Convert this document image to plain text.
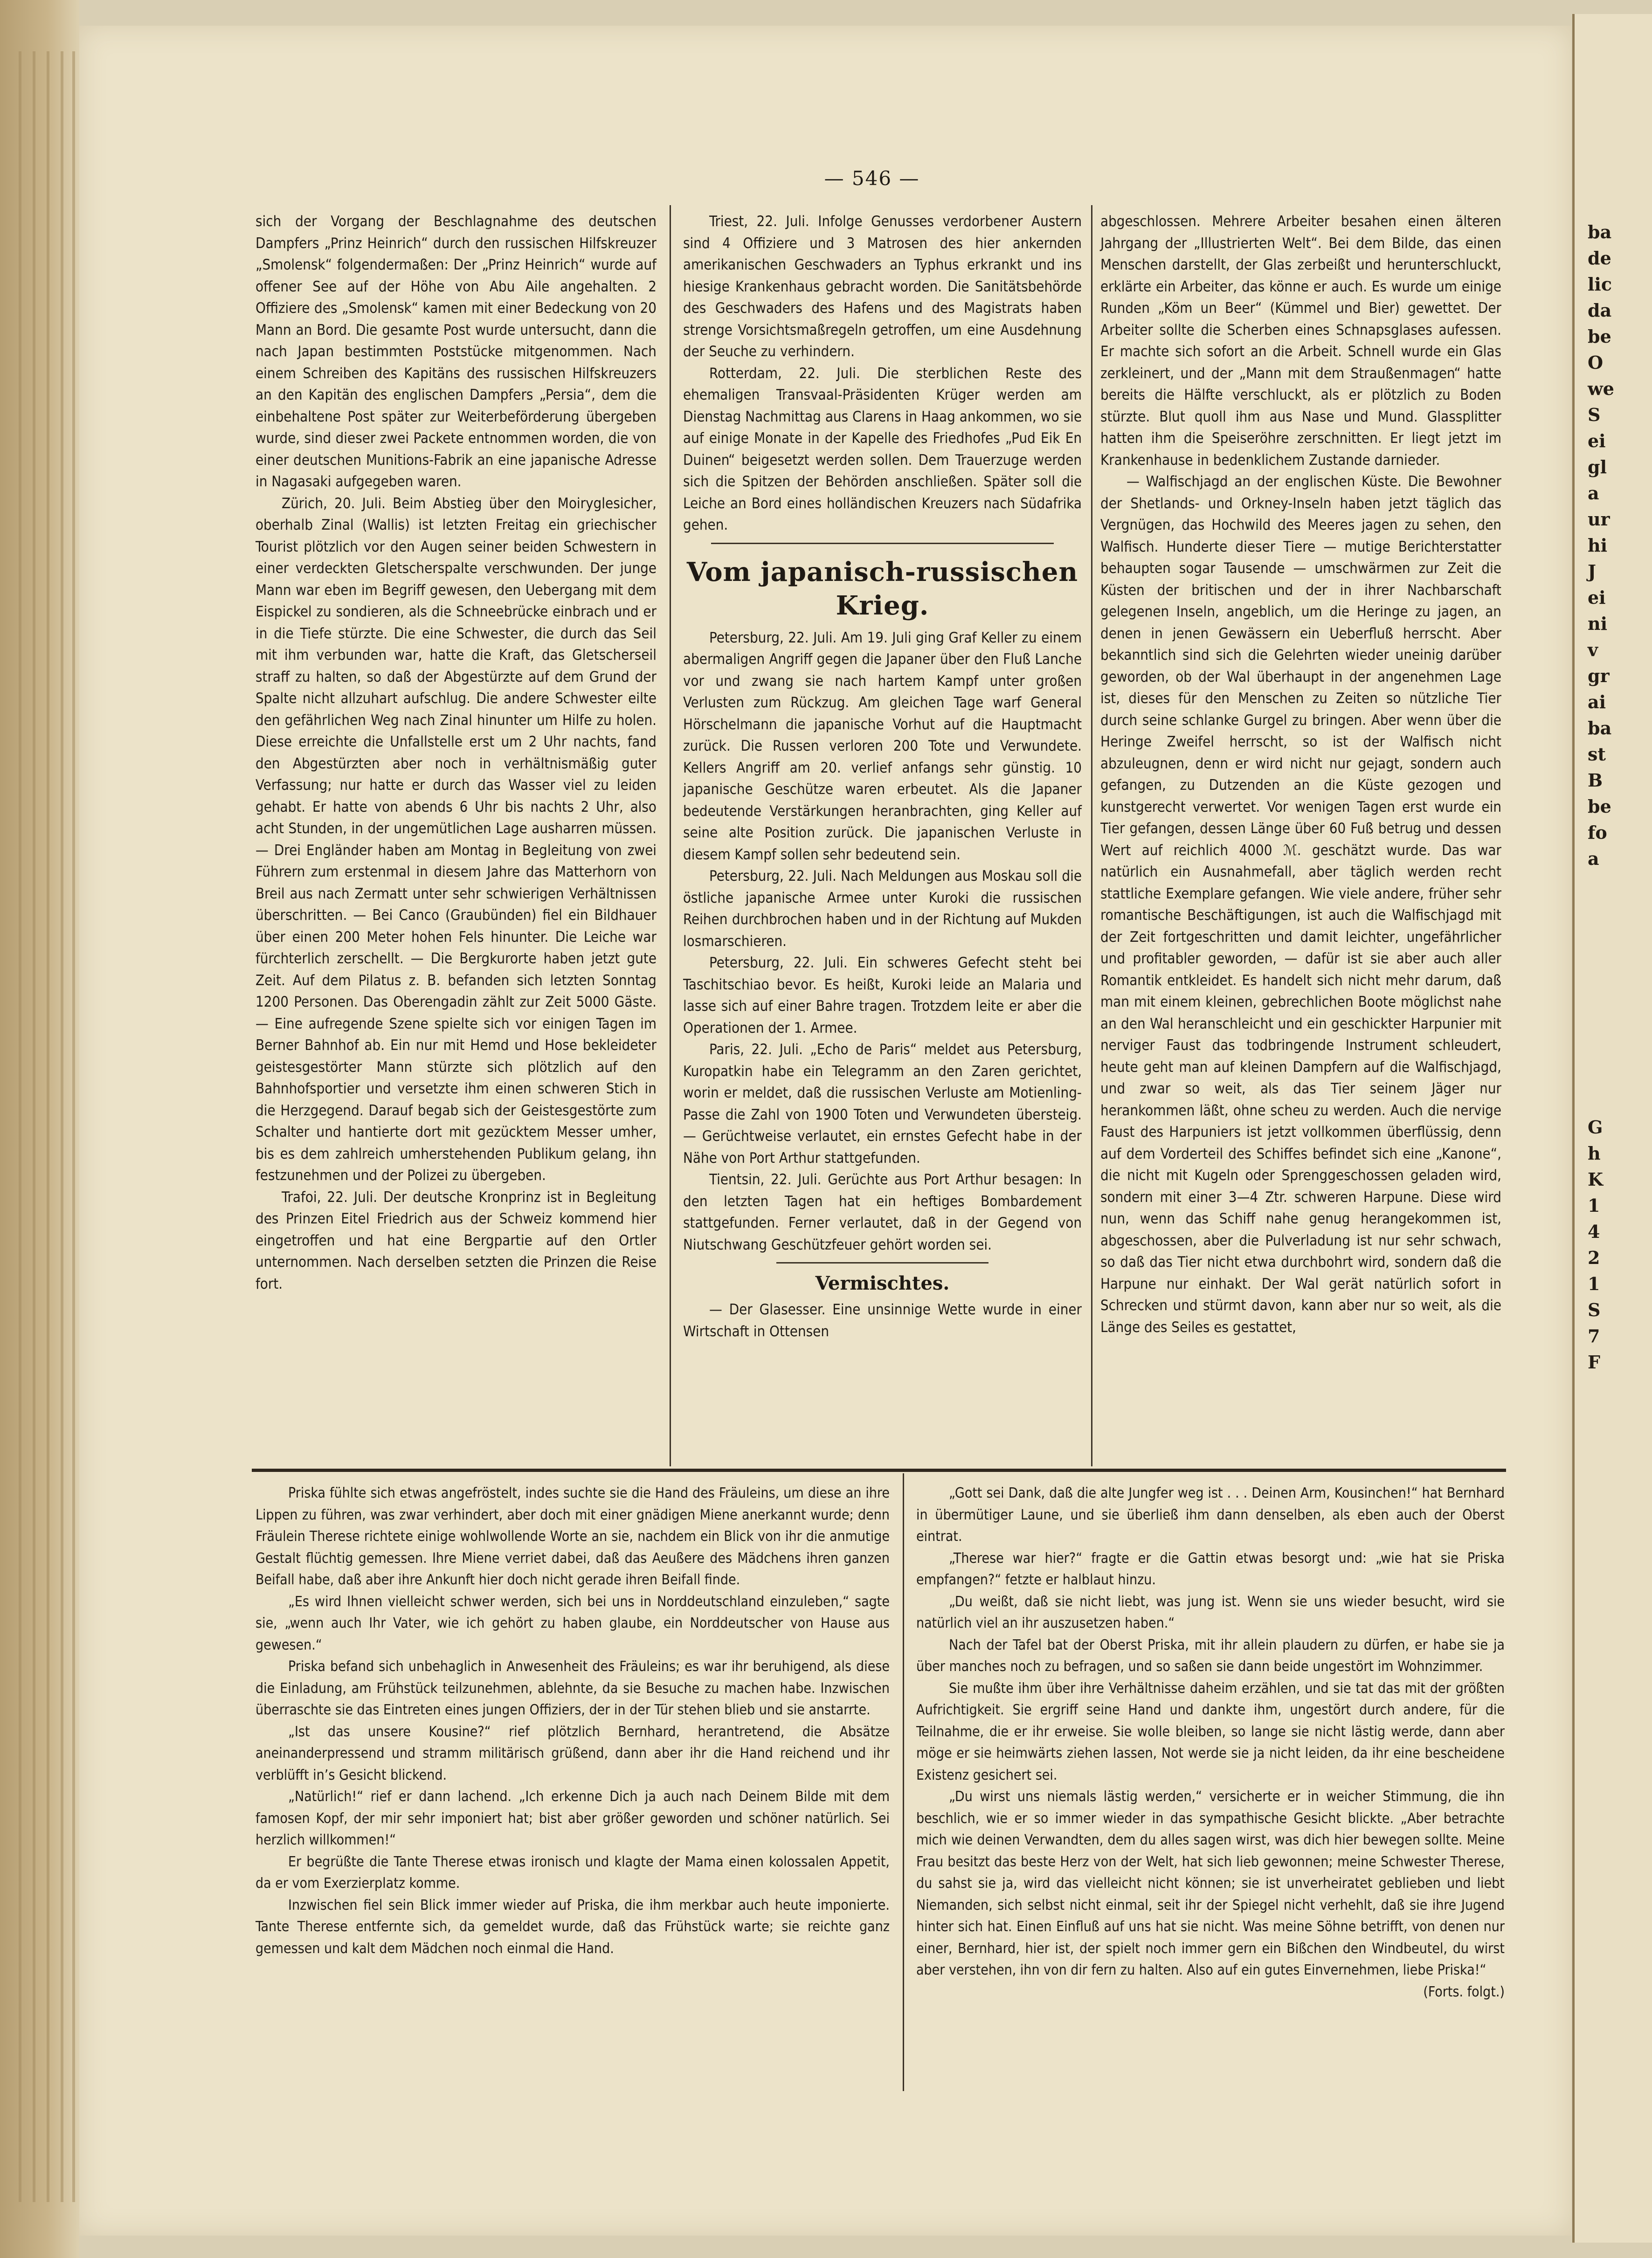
ba
de
lic
da
be
O
we
S
ei
gl
a
ur
hi
J
ei
ni
v
gr
ai
ba
st
B
be
fo
a
G
h
K
1
4
2
1
S
7
F
— 546 —

sich der Vorgang der Beschlagnahme des deutschen Dampfers „Prinz Heinrich“ durch den russischen Hilfskreuzer „Smolensk“ folgendermaßen: Der „Prinz Heinrich“ wurde auf offener See auf der Höhe von Abu Aile angehalten. 2 Offiziere des „Smolensk“ kamen mit einer Bedeckung von 20 Mann an Bord. Die gesamte Post wurde untersucht, dann die nach Japan bestimmten Poststücke mitgenommen. Nach einem Schreiben des Kapitäns des russischen Hilfskreuzers an den Kapitän des englischen Dampfers „Persia“, dem die einbehaltene Post später zur Weiterbeförderung übergeben wurde, sind dieser zwei Packete entnommen worden, die von einer deutschen Munitions-Fabrik an eine japanische Adresse in Nagasaki aufgegeben waren.

Zürich, 20. Juli. Beim Abstieg über den Moiryglesicher, oberhalb Zinal (Wallis) ist letzten Freitag ein griechischer Tourist plötzlich vor den Augen seiner beiden Schwestern in einer verdeckten Gletscherspalte verschwunden. Der junge Mann war eben im Begriff gewesen, den Uebergang mit dem Eispickel zu sondieren, als die Schneebrücke einbrach und er in die Tiefe stürzte. Die eine Schwester, die durch das Seil mit ihm verbunden war, hatte die Kraft, das Gletscherseil straff zu halten, so daß der Abgestürzte auf dem Grund der Spalte nicht allzuhart aufschlug. Die andere Schwester eilte den gefährlichen Weg nach Zinal hinunter um Hilfe zu holen. Diese erreichte die Unfallstelle erst um 2 Uhr nachts, fand den Abgestürzten aber noch in verhältnismäßig guter Verfassung; nur hatte er durch das Wasser viel zu leiden gehabt. Er hatte von abends 6 Uhr bis nachts 2 Uhr, also acht Stunden, in der ungemütlichen Lage ausharren müssen. — Drei Engländer haben am Montag in Begleitung von zwei Führern zum erstenmal in diesem Jahre das Matterhorn von Breil aus nach Zermatt unter sehr schwierigen Verhältnissen überschritten. — Bei Canco (Graubünden) fiel ein Bildhauer über einen 200 Meter hohen Fels hinunter. Die Leiche war fürchterlich zerschellt. — Die Bergkurorte haben jetzt gute Zeit. Auf dem Pilatus z. B. befanden sich letzten Sonntag 1200 Personen. Das Oberengadin zählt zur Zeit 5000 Gäste. — Eine aufregende Szene spielte sich vor einigen Tagen im Berner Bahnhof ab. Ein nur mit Hemd und Hose bekleideter geistesgestörter Mann stürzte sich plötzlich auf den Bahnhofsportier und versetzte ihm einen schweren Stich in die Herzgegend. Darauf begab sich der Geistesgestörte zum Schalter und hantierte dort mit gezücktem Messer umher, bis es dem zahlreich umherstehenden Publikum gelang, ihn festzunehmen und der Polizei zu übergeben.

Trafoi, 22. Juli. Der deutsche Kronprinz ist in Begleitung des Prinzen Eitel Friedrich aus der Schweiz kommend hier eingetroffen und hat eine Bergpartie auf den Ortler unternommen. Nach derselben setzten die Prinzen die Reise fort.

Triest, 22. Juli. Infolge Genusses verdorbener Austern sind 4 Offiziere und 3 Matrosen des hier ankernden amerikanischen Geschwaders an Typhus erkrankt und ins hiesige Krankenhaus gebracht worden. Die Sanitätsbehörde des Geschwaders des Hafens und des Magistrats haben strenge Vorsichtsmaßregeln getroffen, um eine Ausdehnung der Seuche zu verhindern.

Rotterdam, 22. Juli. Die sterblichen Reste des ehemaligen Transvaal-Präsidenten Krüger werden am Dienstag Nachmittag aus Clarens in Haag ankommen, wo sie auf einige Monate in der Kapelle des Friedhofes „Pud Eik En Duinen“ beigesetzt werden sollen. Dem Trauerzuge werden sich die Spitzen der Behörden anschließen. Später soll die Leiche an Bord eines holländischen Kreuzers nach Südafrika gehen.

Vom japanisch-russischen Krieg.

Petersburg, 22. Juli. Am 19. Juli ging Graf Keller zu einem abermaligen Angriff gegen die Japaner über den Fluß Lanche vor und zwang sie nach hartem Kampf unter großen Verlusten zum Rückzug. Am gleichen Tage warf General Hörschelmann die japanische Vorhut auf die Hauptmacht zurück. Die Russen verloren 200 Tote und Verwundete. Kellers Angriff am 20. verlief anfangs sehr günstig. 10 japanische Geschütze waren erbeutet. Als die Japaner bedeutende Verstärkungen heranbrachten, ging Keller auf seine alte Position zurück. Die japanischen Verluste in diesem Kampf sollen sehr bedeutend sein.

Petersburg, 22. Juli. Nach Meldungen aus Moskau soll die östliche japanische Armee unter Kuroki die russischen Reihen durchbrochen haben und in der Richtung auf Mukden losmarschieren.

Petersburg, 22. Juli. Ein schweres Gefecht steht bei Taschitschiao bevor. Es heißt, Kuroki leide an Malaria und lasse sich auf einer Bahre tragen. Trotzdem leite er aber die Operationen der 1. Armee.

Paris, 22. Juli. „Echo de Paris“ meldet aus Petersburg, Kuropatkin habe ein Telegramm an den Zaren gerichtet, worin er meldet, daß die russischen Verluste am Motienling-Passe die Zahl von 1900 Toten und Verwundeten übersteig. — Gerüchtweise verlautet, ein ernstes Gefecht habe in der Nähe von Port Arthur stattgefunden.

Tientsin, 22. Juli. Gerüchte aus Port Arthur besagen: In den letzten Tagen hat ein heftiges Bombardement stattgefunden. Ferner verlautet, daß in der Gegend von Niutschwang Geschützfeuer gehört worden sei.

Vermischtes.

— Der Glasesser. Eine unsinnige Wette wurde in einer Wirtschaft in Ottensen

abgeschlossen. Mehrere Arbeiter besahen einen älteren Jahrgang der „Illustrierten Welt“. Bei dem Bilde, das einen Menschen darstellt, der Glas zerbeißt und herunterschluckt, erklärte ein Arbeiter, das könne er auch. Es wurde um einige Runden „Köm un Beer“ (Kümmel und Bier) gewettet. Der Arbeiter sollte die Scherben eines Schnapsglases aufessen. Er machte sich sofort an die Arbeit. Schnell wurde ein Glas zerkleinert, und der „Mann mit dem Straußenmagen“ hatte bereits die Hälfte verschluckt, als er plötzlich zu Boden stürzte. Blut quoll ihm aus Nase und Mund. Glassplitter hatten ihm die Speiseröhre zerschnitten. Er liegt jetzt im Krankenhause in bedenklichem Zustande darnieder.

— Walfischjagd an der englischen Küste. Die Bewohner der Shetlands- und Orkney-Inseln haben jetzt täglich das Vergnügen, das Hochwild des Meeres jagen zu sehen, den Walfisch. Hunderte dieser Tiere — mutige Berichterstatter behaupten sogar Tausende — umschwärmen zur Zeit die Küsten der britischen und der in ihrer Nachbarschaft gelegenen Inseln, angeblich, um die Heringe zu jagen, an denen in jenen Gewässern ein Ueberfluß herrscht. Aber bekanntlich sind sich die Gelehrten wieder uneinig darüber geworden, ob der Wal überhaupt in der angenehmen Lage ist, dieses für den Menschen zu Zeiten so nützliche Tier durch seine schlanke Gurgel zu bringen. Aber wenn über die Heringe Zweifel herrscht, so ist der Walfisch nicht abzuleugnen, denn er wird nicht nur gejagt, sondern auch gefangen, zu Dutzenden an die Küste gezogen und kunstgerecht verwertet. Vor wenigen Tagen erst wurde ein Tier gefangen, dessen Länge über 60 Fuß betrug und dessen Wert auf reichlich 4000 ℳ. geschätzt wurde. Das war natürlich ein Ausnahmefall, aber täglich werden recht stattliche Exemplare gefangen. Wie viele andere, früher sehr romantische Beschäftigungen, ist auch die Walfischjagd mit der Zeit fortgeschritten und damit leichter, ungefährlicher und profitabler geworden, — dafür ist sie aber auch aller Romantik entkleidet. Es handelt sich nicht mehr darum, daß man mit einem kleinen, gebrechlichen Boote möglichst nahe an den Wal heranschleicht und ein geschickter Harpunier mit nerviger Faust das todbringende Instrument schleudert, heute geht man auf kleinen Dampfern auf die Walfischjagd, und zwar so weit, als das Tier seinem Jäger nur herankommen läßt, ohne scheu zu werden. Auch die nervige Faust des Harpuniers ist jetzt vollkommen überflüssig, denn auf dem Vorderteil des Schiffes befindet sich eine „Kanone“, die nicht mit Kugeln oder Sprenggeschossen geladen wird, sondern mit einer 3—4 Ztr. schweren Harpune. Diese wird nun, wenn das Schiff nahe genug herangekommen ist, abgeschossen, aber die Pulverladung ist nur sehr schwach, so daß das Tier nicht etwa durchbohrt wird, sondern daß die Harpune nur einhakt. Der Wal gerät natürlich sofort in Schrecken und stürmt davon, kann aber nur so weit, als die Länge des Seiles es gestattet,

Priska fühlte sich etwas angefröstelt, indes suchte sie die Hand des Fräuleins, um diese an ihre Lippen zu führen, was zwar verhindert, aber doch mit einer gnädigen Miene anerkannt wurde; denn Fräulein Therese richtete einige wohlwollende Worte an sie, nachdem ein Blick von ihr die anmutige Gestalt flüchtig gemessen. Ihre Miene verriet dabei, daß das Aeußere des Mädchens ihren ganzen Beifall habe, daß aber ihre Ankunft hier doch nicht gerade ihren Beifall finde.

„Es wird Ihnen vielleicht schwer werden, sich bei uns in Norddeutschland einzuleben,“ sagte sie, „wenn auch Ihr Vater, wie ich gehört zu haben glaube, ein Norddeutscher von Hause aus gewesen.“

Priska befand sich unbehaglich in Anwesenheit des Fräuleins; es war ihr beruhigend, als diese die Einladung, am Frühstück teilzunehmen, ablehnte, da sie Besuche zu machen habe. Inzwischen überraschte sie das Eintreten eines jungen Offiziers, der in der Tür stehen blieb und sie anstarrte.

„Ist das unsere Kousine?“ rief plötzlich Bernhard, herantretend, die Absätze aneinanderpressend und stramm militärisch grüßend, dann aber ihr die Hand reichend und ihr verblüfft in’s Gesicht blickend.

„Natürlich!“ rief er dann lachend. „Ich erkenne Dich ja auch nach Deinem Bilde mit dem famosen Kopf, der mir sehr imponiert hat; bist aber größer geworden und schöner natürlich. Sei herzlich willkommen!“

Er begrüßte die Tante Therese etwas ironisch und klagte der Mama einen kolossalen Appetit, da er vom Exerzierplatz komme.

Inzwischen fiel sein Blick immer wieder auf Priska, die ihm merkbar auch heute imponierte. Tante Therese entfernte sich, da gemeldet wurde, daß das Frühstück warte; sie reichte ganz gemessen und kalt dem Mädchen noch einmal die Hand.

„Gott sei Dank, daß die alte Jungfer weg ist . . . Deinen Arm, Kousinchen!“ hat Bernhard in übermütiger Laune, und sie überließ ihm dann denselben, als eben auch der Oberst eintrat.

„Therese war hier?“ fragte er die Gattin etwas besorgt und: „wie hat sie Priska empfangen?“ fetzte er halblaut hinzu.

„Du weißt, daß sie nicht liebt, was jung ist. Wenn sie uns wieder besucht, wird sie natürlich viel an ihr auszusetzen haben.“

Nach der Tafel bat der Oberst Priska, mit ihr allein plaudern zu dürfen, er habe sie ja über manches noch zu befragen, und so saßen sie dann beide ungestört im Wohnzimmer.

Sie mußte ihm über ihre Verhältnisse daheim erzählen, und sie tat das mit der größten Aufrichtigkeit. Sie ergriff seine Hand und dankte ihm, ungestört durch andere, für die Teilnahme, die er ihr erweise. Sie wolle bleiben, so lange sie nicht lästig werde, dann aber möge er sie heimwärts ziehen lassen, Not werde sie ja nicht leiden, da ihr eine bescheidene Existenz gesichert sei.

„Du wirst uns niemals lästig werden,“ versicherte er in weicher Stimmung, die ihn beschlich, wie er so immer wieder in das sympathische Gesicht blickte. „Aber betrachte mich wie deinen Verwandten, dem du alles sagen wirst, was dich hier bewegen sollte. Meine Frau besitzt das beste Herz von der Welt, hat sich lieb gewonnen; meine Schwester Therese, du sahst sie ja, wird das vielleicht nicht können; sie ist unverheiratet geblieben und liebt Niemanden, sich selbst nicht einmal, seit ihr der Spiegel nicht verhehlt, daß sie ihre Jugend hinter sich hat. Einen Einfluß auf uns hat sie nicht. Was meine Söhne betrifft, von denen nur einer, Bernhard, hier ist, der spielt noch immer gern ein Bißchen den Windbeutel, du wirst aber verstehen, ihn von dir fern zu halten. Also auf ein gutes Einvernehmen, liebe Priska!“

(Forts. folgt.)
